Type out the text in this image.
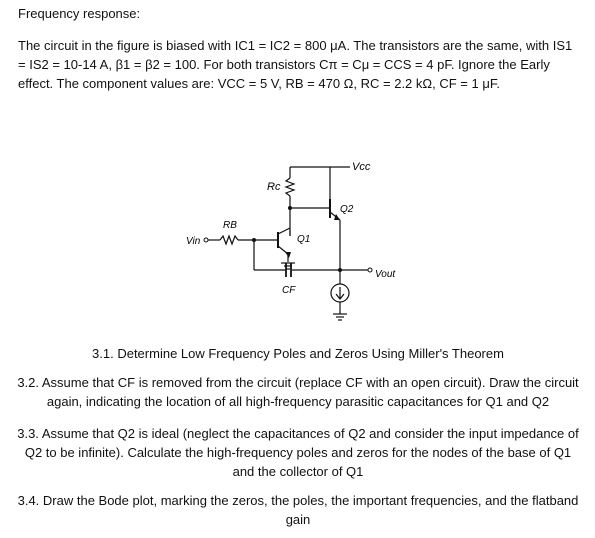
Frequency response:
The circuit in the figure is biased with IC1 = IC2 = 800 μA. The transistors are the same, with IS1 = IS2 = 10-14 A, β1 = β2 = 100. For both transistors Cπ = Cμ = CCS = 4 pF. Ignore the Early effect. The component values are: VCC = 5 V, RB = 470 Ω, RC = 2.2 kΩ, CF = 1 μF.
Vcc
Rc
Q2
RB
Vin	Q1
CF
Vout
3.1. Determine Low Frequency Poles and Zeros Using Miller's Theorem
3.2. Assume that CF is removed from the circuit (replace CF with an open circuit). Draw the circuit again, indicating the location of all high-frequency parasitic capacitances for Q1 and Q2
3.3. Assume that Q2 is ideal (neglect the capacitances of Q2 and consider the input impedance of Q2 to be infinite). Calculate the high-frequency poles and zeros for the nodes of the base of Q1 and the collector of Q1
3.4. Draw the Bode plot, marking the zeros, the poles, the important frequencies, and the flatband gain
